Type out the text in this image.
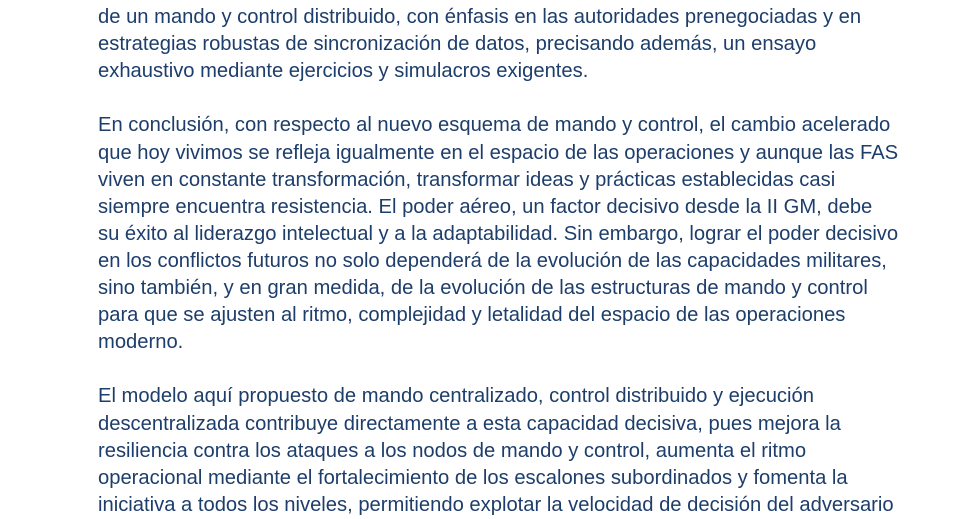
de un mando y control distribuido, con énfasis en las autoridades prenegociadas y en
estrategias robustas de sincronización de datos, precisando además, un ensayo
exhaustivo mediante ejercicios y simulacros exigentes.
En conclusión, con respecto al nuevo esquema de mando y control, el cambio acelerado
que hoy vivimos se refleja igualmente en el espacio de las operaciones y aunque las FAS
viven en constante transformación, transformar ideas y prácticas establecidas casi
siempre encuentra resistencia. El poder aéreo, un factor decisivo desde la II GM, debe
su éxito al liderazgo intelectual y a la adaptabilidad. Sin embargo, lograr el poder decisivo
en los conflictos futuros no solo dependerá de la evolución de las capacidades militares,
sino también, y en gran medida, de la evolución de las estructuras de mando y control
para que se ajusten al ritmo, complejidad y letalidad del espacio de las operaciones
moderno.
El modelo aquí propuesto de mando centralizado, control distribuido y ejecución
descentralizada contribuye directamente a esta capacidad decisiva, pues mejora la
resiliencia contra los ataques a los nodos de mando y control, aumenta el ritmo
operacional mediante el fortalecimiento de los escalones subordinados y fomenta la
iniciativa a todos los niveles, permitiendo explotar la velocidad de decisión del adversario
